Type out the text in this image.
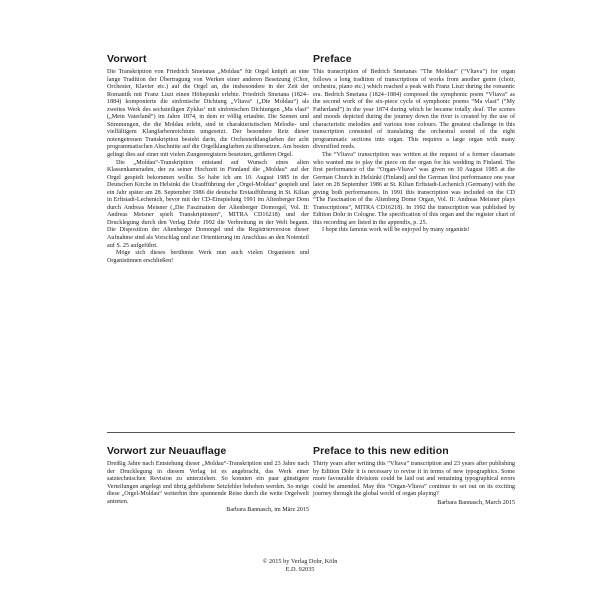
Vorwort

Die Transkription von Friedrich Smetanas „Moldau“ für Orgel knüpft an eine lange Tradition der Übertragung von Werken einer anderen Besetzung (Chor, Orchester, Klavier etc.) auf die Orgel an, die insbesondere in der Zeit der Romantik mit Franz Liszt einen Höhepunkt erlebte. Friedrich Smetana (1824–1884) komponierte die sinfonische Dichtung „Vltava“ („Die Moldau“) als zweites Werk des sechsteiligen Zyklus‘ mit sinfonischen Dichtungen „Ma vlast“ („Mein Vaterland“) im Jahre 1874, in dem er völlig ertaubte. Die Szenen und Stimmungen, die die Moldau erlebt, sind in charakteristischen Melodie- und vielfältigem Klangfarbenreichtum umgesetzt. Der besondere Reiz dieser notengetreuen Transkription besteht darin, die Orchesterklangfarben der acht programmatischen Abschnitte auf die Orgelklangfarben zu übersetzen. Am besten gelingt dies auf einer mit vielen Zungenregistern besetzten, größeren Orgel.

Die „Moldau“-Transkription entstand auf Wunsch eines alten Klassenkameraden, der zu seiner Hochzeit in Finnland die „Moldau“ auf der Orgel gespielt bekommen wollte. So habe ich am 10. August 1985 in der Deutschen Kirche in Helsinki die Uraufführung der „Orgel-Moldau“ gespielt und ein Jahr später am 28. September 1986 die deutsche Erstaufführung in St. Kilian in Erftstadt-Lechenich, bevor mit der CD-Einspielung 1991 im Altenberger Dom durch Andreas Meisner („Die Faszination der Altenberger Domorgel, Vol. II: Andreas Meisner spielt Transkriptionen“, MITRA CD16218) und der Drucklegung durch den Verlag Dohr 1992 die Verbreitung in der Welt begann. Die Disposition der Altenberger Domorgel und die Registrierversion dieser Aufnahme sind als Vorschlag und zur Orientierung im Anschluss an den Notenteil auf S. 25 aufgeführt.

Möge sich dieses berühmte Werk nun auch vielen Organisten und Organistinnen erschließen!

Preface

This transcription of Bedrich Smetanas “The Moldau” (“Vltava”) for organ follows a long tradition of transcriptions of works from another genre (choir, orchestra, piano etc.) which reached a peak with Franz Liszt during the romantic era. Bedrich Smetana (1824–1884) composed the symphonic poem “Vltava” as the second work of the six-piece cycle of symphonic poems “Ma vlast” (“My Fatherland”) in the year 1874 during which he became totally deaf. The scenes and moods depicted during the journey down the river is created by the use of characteristic melodies and various tone colours. The greatest challenge in this transcription consisted of translating the orchestral sound of the eight programmatic sections into organ. This requires a large organ with many diversified reeds.

The “Vltava” transcription was written at the request of a former classmate who wanted me to play the piece on the organ for his wedding in Finland. The first performance of the “Organ-Vltava” was given on 10 August 1985 at the German Church in Helsinki (Finland) and the German first performance one year later on 28 September 1986 at St. Kilian Erftstadt-Lechenich (Germany) with the giving both performances. In 1991 this transcription was included on the CD “The Fascination of the Altenberg Dome Organ, Vol. II: Andreas Meisner plays Transcriptions”, MITRA CD16218). In 1992 the transcription was published by Edition Dohr in Cologne. The specification of this organ and the register chart of this recording are listed in the appendix, p. 25.

I hope this famous work will be enjoyed by many organists!

Vorwort zur Neuauflage

Dreißig Jahre nach Entstehung dieser „Moldau“-Transkription und 23 Jahre nach der Drucklegung in diesem Verlag ist es angebracht, das Werk einer satztechnischen Revision zu unterziehen. So konnten ein paar günstigere Verteilungen angelegt und übrig gebliebene Setzfehler behoben werden. So möge diese „Orgel-Moldau“ weiterhin ihre spannende Reise durch die weite Orgelwelt antreten.

Barbara Bannasch, im März 2015
Preface to this new edition

Thirty years after writing this “Vltava” transcription and 23 years after publishing by Edition Dohr it is necessary to revise it in terms of new typographics. Some more favourable divisions could be laid out and remaining typographical errors could be amended. May this “Organ-Vltava” continue to set out on its exciting journey through the global world of organ playing?

Barbara Bannasch, March 2015
© 2015 by Verlag Dohr, Köln
E.D. 92035
